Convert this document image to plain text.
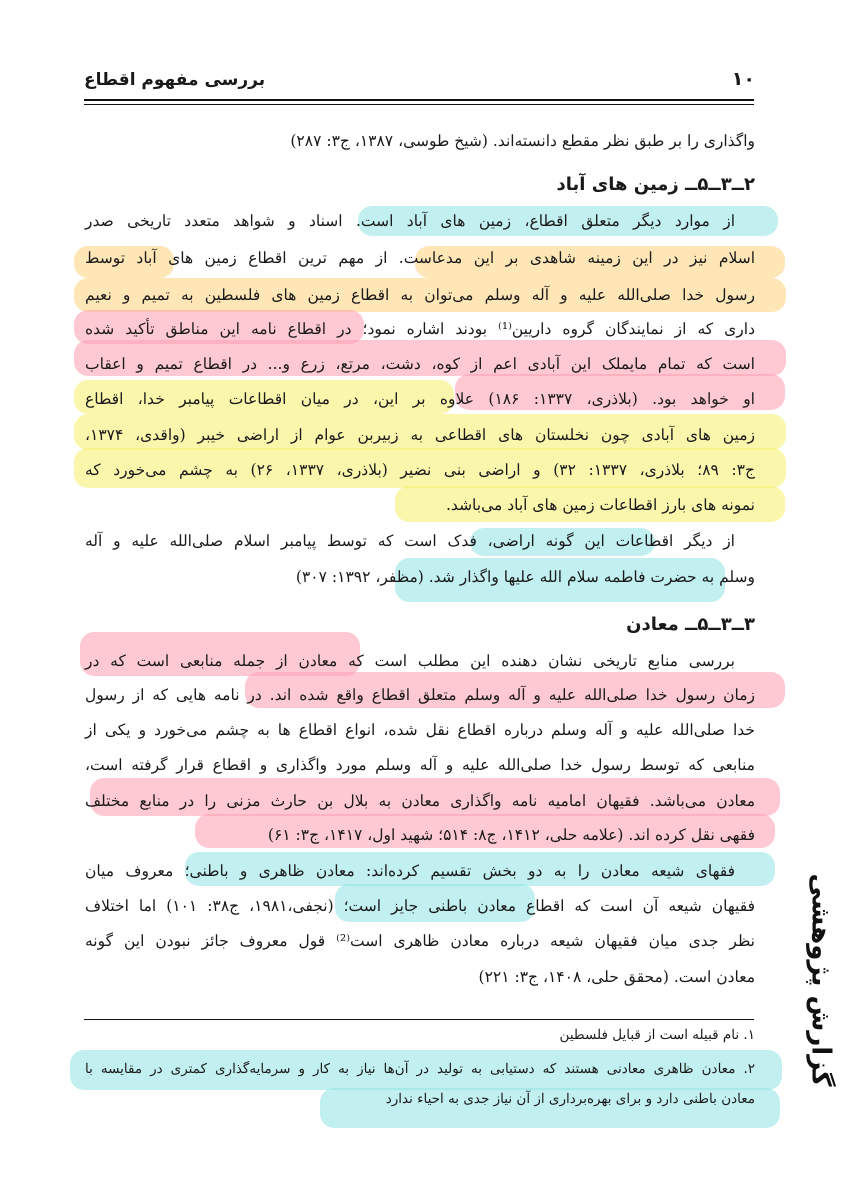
۱۰
بررسی مفهوم اقطاع
واگذاری را بر طبق نظر مقطع دانسته‌اند. (شیخ طوسی، ۱۳۸۷، ج۳: ۲۸۷)
۲ــ۳ــ۵ــ زمین های آباد
از موارد دیگر متعلق اقطاع، زمین های آباد است. اسناد و شواهد متعدد تاریخی صدر
اسلام نیز در این زمینه شاهدی بر این مدعاست. از مهم ترین اقطاع زمین های آباد توسط
رسول خدا صلی‌الله علیه و آله وسلم می‌توان به اقطاع زمین های فلسطین به تمیم و نعیم
داری که از نمایندگان گروه داریین⁽¹⁾ بودند اشاره نمود؛ در اقطاع نامه این مناطق تأکید شده
است که تمام مایملک این آبادی اعم از کوه، دشت، مرتع، زرع و... در اقطاع تمیم و اعقاب
او خواهد بود. (بلاذری، ۱۳۳۷: ۱۸۶) علاوه بر این، در میان اقطاعات پیامبر خدا، اقطاع
زمین های آبادی چون نخلستان های اقطاعی به زبیربن عوام از اراضی خیبر (واقدی، ۱۳۷۴،
ج۳: ۸۹؛ بلاذری، ۱۳۳۷: ۳۲) و اراضی بنی نضیر (بلاذری، ۱۳۳۷، ۲۶) به چشم می‌خورد که
نمونه های بارز اقطاعات زمین های آباد می‌باشد.
از دیگر اقطاعات این گونه اراضی، فدک است که توسط پیامبر اسلام صلی‌الله علیه و آله
وسلم به حضرت فاطمه سلام الله علیها واگذار شد. (مظفر، ۱۳۹۲: ۳۰۷)
۳ــ۳ــ۵ــ معادن
بررسی منابع تاریخی نشان دهنده این مطلب است که معادن از جمله منابعی است که در
زمان رسول خدا صلی‌الله علیه و آله وسلم متعلق اقطاع واقع شده اند. در نامه هایی که از رسول
خدا صلی‌الله علیه و آله وسلم درباره اقطاع نقل شده، انواع اقطاع ها به چشم می‌خورد و یکی از
منابعی که توسط رسول خدا صلی‌الله علیه و آله وسلم مورد واگذاری و اقطاع قرار گرفته است،
معادن می‌باشد. فقیهان امامیه نامه واگذاری معادن به بلال بن حارث مزنی را در منابع مختلف
فقهی نقل کرده اند. (علامه حلی، ۱۴۱۲، ج۸: ۵۱۴؛ شهید اول، ۱۴۱۷، ج۳: ۶۱)
فقهای شیعه معادن را به دو بخش تقسیم کرده‌اند: معادن ظاهری و باطنی؛ معروف میان
فقیهان شیعه آن است که اقطاع معادن باطنی جایز است؛ (نجفی،۱۹۸۱، ج۳۸: ۱۰۱) اما اختلاف
نظر جدی میان فقیهان شیعه درباره معادن ظاهری است⁽²⁾ قول معروف جائز نبودن این گونه
معادن است. (محقق حلی، ۱۴۰۸، ج۳: ۲۲۱)
۱. نام قبیله است از قبایل فلسطین
۲. معادن ظاهری معادنی هستند که دستیابی به تولید در آن‌ها نیاز به کار و سرمایه‌گذاری کمتری در مقایسه با
معادن باطنی دارد و برای بهره‌برداری از آن نیاز جدی به احیاء ندارد
گزارش پژوهشی
